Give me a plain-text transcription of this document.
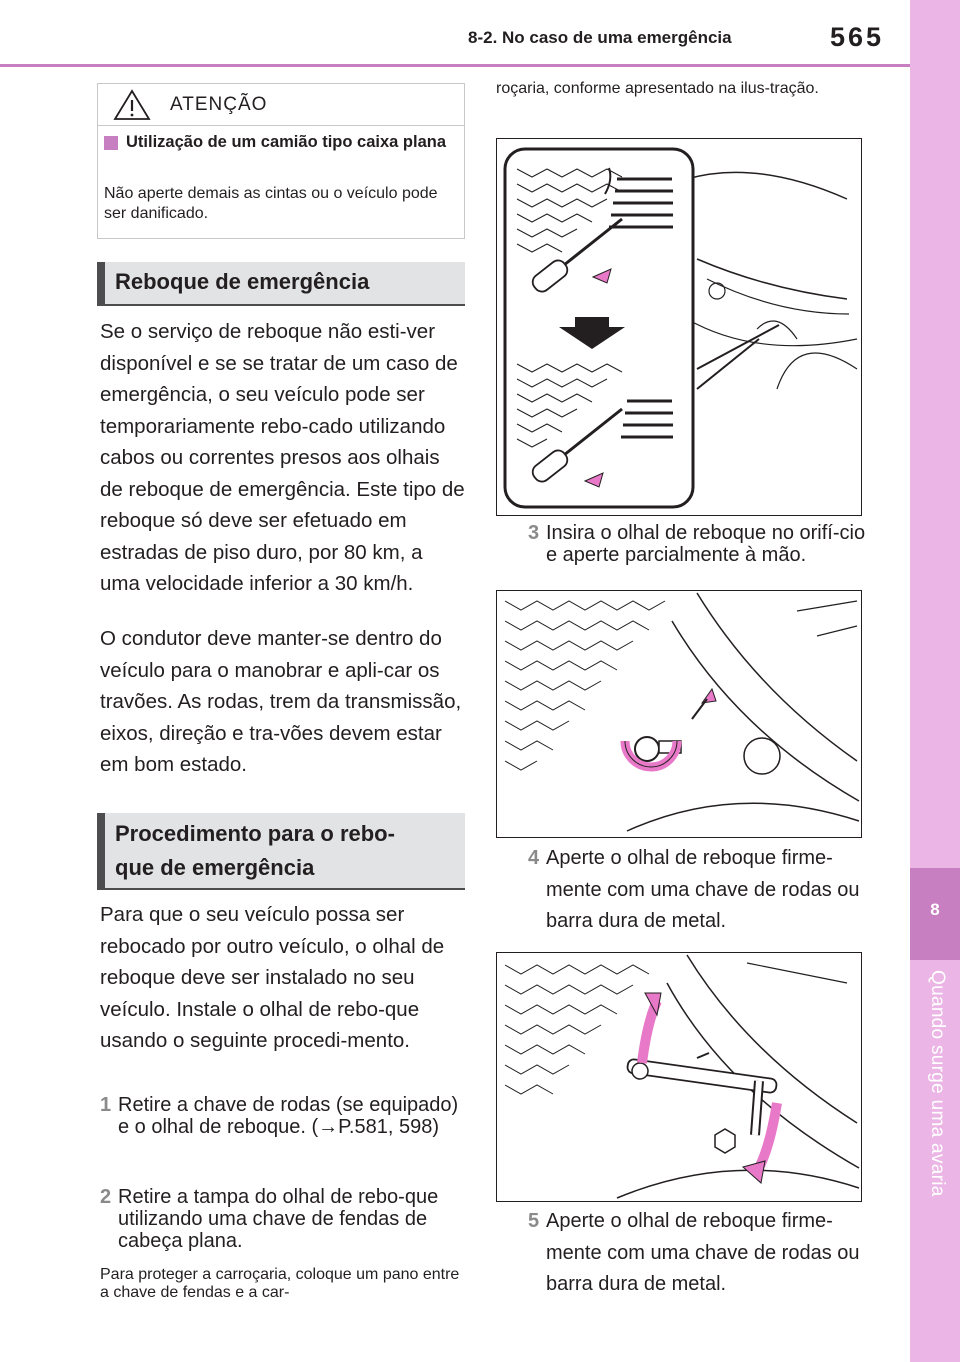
8-2. No caso de uma emergência	565
8
Quando surge uma avaria
ATENÇÃO
Utilização de um camião tipo caixa plana
Não aperte demais as cintas ou o veículo pode ser danificado.
Reboque de emergência
Se o serviço de reboque não esti-ver disponível e se se tratar de um caso de emergência, o seu veículo pode ser temporariamente rebo-cado utilizando cabos ou correntes presos aos olhais de reboque de emergência. Este tipo de reboque só deve ser efetuado em estradas de piso duro, por 80 km, a uma velocidade inferior a 30 km/h.
O condutor deve manter-se dentro do veículo para o manobrar e apli-car os travões. As rodas, trem da transmissão, eixos, direção e tra-vões devem estar em bom estado.
Procedimento para o rebo-
que de emergência
Para que o seu veículo possa ser rebocado por outro veículo, o olhal de reboque deve ser instalado no seu veículo. Instale o olhal de rebo-que usando o seguinte procedi-mento.
1 Retire a chave de rodas (se equipado) e o olhal de reboque. (→P.581, 598)
2 Retire a tampa do olhal de rebo-que utilizando uma chave de fendas de cabeça plana.
Para proteger a carroçaria, coloque um pano entre a chave de fendas e a car-
roçaria, conforme apresentado na ilus-tração.
3 Insira o olhal de reboque no orifí-cio e aperte parcialmente à mão.
4 Aperte o olhal de reboque firme-mente com uma chave de rodas ou barra dura de metal.
5 Aperte o olhal de reboque firme-mente com uma chave de rodas ou barra dura de metal.
